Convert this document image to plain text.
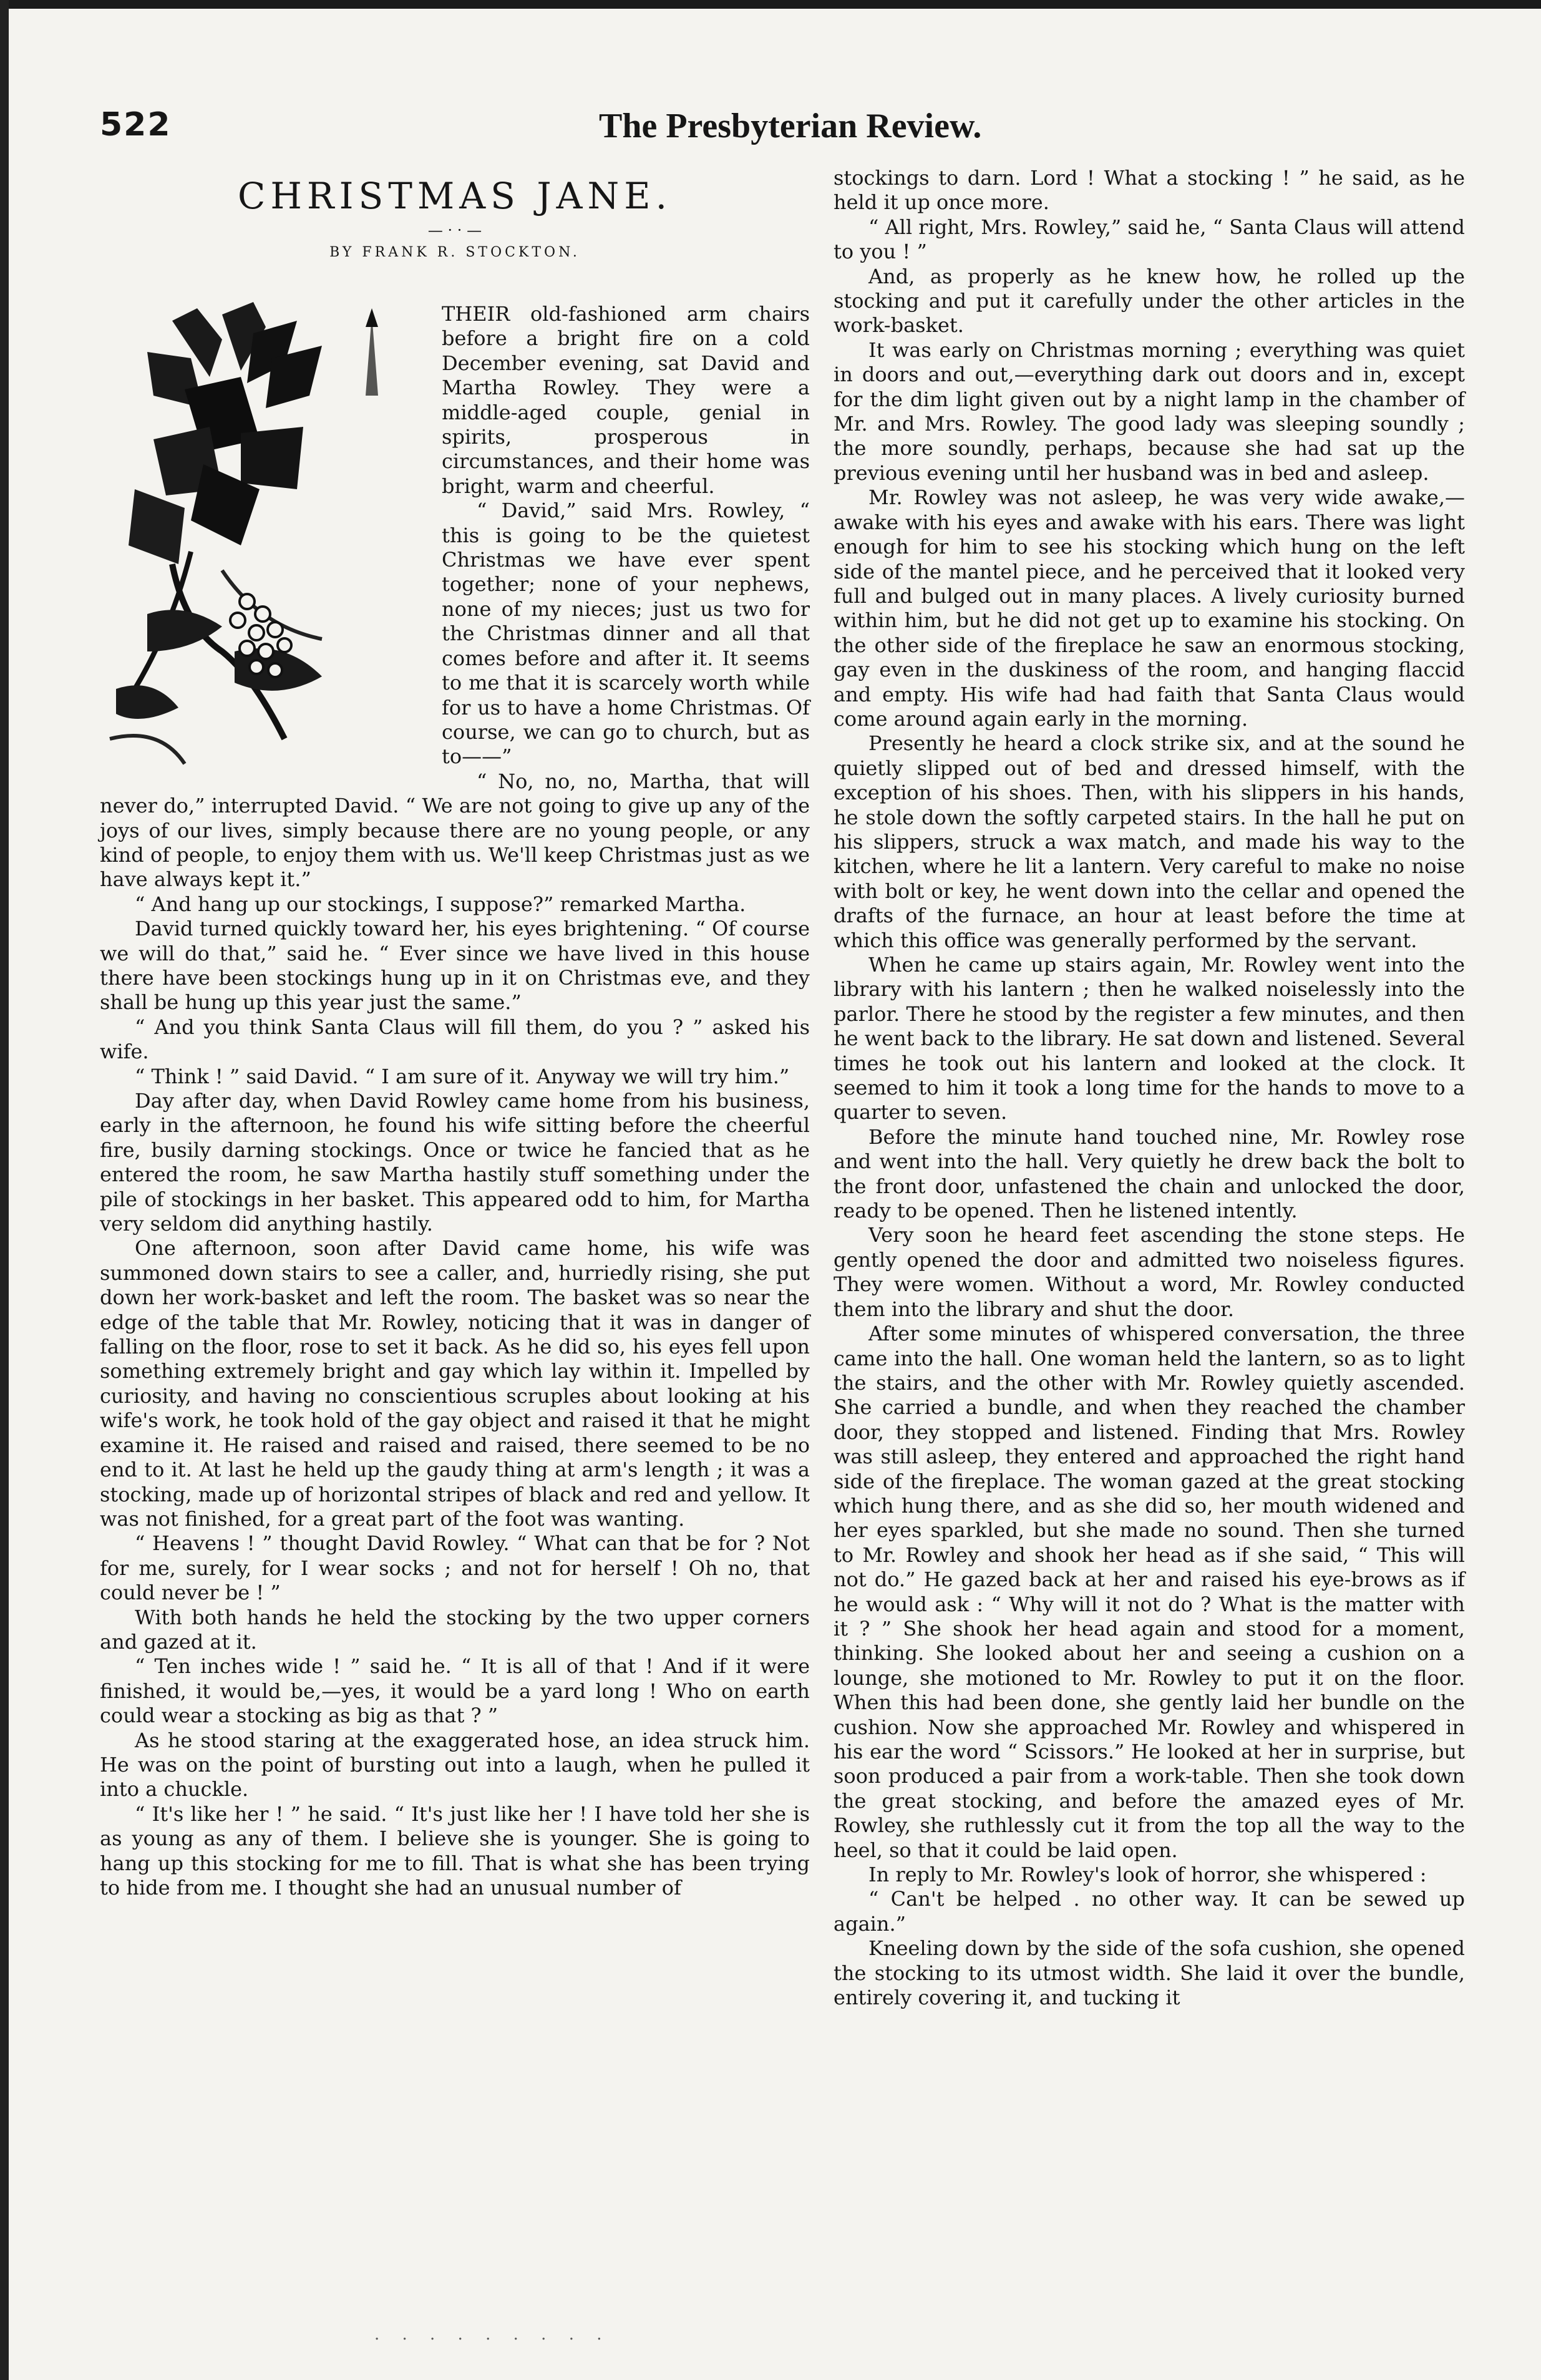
522	The Presbyterian Review.
CHRISTMAS JANE.
— · · —
BY FRANK R. STOCKTON.

THEIR old-fashioned arm chairs before a bright fire on a cold December evening, sat David and Martha Rowley. They were a middle-aged couple, genial in spirits, prosperous in circumstances, and their home was bright, warm and cheerful.

“ David,” said Mrs. Rowley, “ this is going to be the quietest Christmas we have ever spent together; none of your nephews, none of my nieces; just us two for the Christmas dinner and all that comes before and after it. It seems to me that it is scarcely worth while for us to have a home Christmas. Of course, we can go to church, but as to——”

“ No, no, no, Martha, that will never do,” interrupted David. “ We are not going to give up any of the joys of our lives, simply because there are no young people, or any kind of people, to enjoy them with us. We'll keep Christmas just as we have always kept it.”

“ And hang up our stockings, I suppose?” remarked Martha.

David turned quickly toward her, his eyes brightening. “ Of course we will do that,” said he. “ Ever since we have lived in this house there have been stockings hung up in it on Christmas eve, and they shall be hung up this year just the same.”

“ And you think Santa Claus will fill them, do you ? ” asked his wife.

“ Think ! ” said David. “ I am sure of it. Anyway we will try him.”

Day after day, when David Rowley came home from his business, early in the afternoon, he found his wife sitting before the cheerful fire, busily darning stockings. Once or twice he fancied that as he entered the room, he saw Martha hastily stuff something under the pile of stockings in her basket. This appeared odd to him, for Martha very seldom did anything hastily.

One afternoon, soon after David came home, his wife was summoned down stairs to see a caller, and, hurriedly rising, she put down her work-basket and left the room. The basket was so near the edge of the table that Mr. Rowley, noticing that it was in danger of falling on the floor, rose to set it back. As he did so, his eyes fell upon something extremely bright and gay which lay within it. Impelled by curiosity, and having no conscientious scruples about looking at his wife's work, he took hold of the gay object and raised it that he might examine it. He raised and raised and raised, there seemed to be no end to it. At last he held up the gaudy thing at arm's length ; it was a stocking, made up of horizontal stripes of black and red and yellow. It was not finished, for a great part of the foot was wanting.

“ Heavens ! ” thought David Rowley. “ What can that be for ? Not for me, surely, for I wear socks ; and not for herself ! Oh no, that could never be ! ”

With both hands he held the stocking by the two upper corners and gazed at it.

“ Ten inches wide ! ” said he. “ It is all of that ! And if it were finished, it would be,—yes, it would be a yard long ! Who on earth could wear a stocking as big as that ? ”

As he stood staring at the exaggerated hose, an idea struck him. He was on the point of bursting out into a laugh, when he pulled it into a chuckle.

“ It's like her ! ” he said. “ It's just like her ! I have told her she is as young as any of them. I believe she is younger. She is going to hang up this stocking for me to fill. That is what she has been trying to hide from me. I thought she had an unusual number of

stockings to darn. Lord ! What a stocking ! ” he said, as he held it up once more.

“ All right, Mrs. Rowley,” said he, “ Santa Claus will attend to you ! ”

And, as properly as he knew how, he rolled up the stocking and put it carefully under the other articles in the work-basket.

It was early on Christmas morning ; everything was quiet in doors and out,—everything dark out doors and in, except for the dim light given out by a night lamp in the chamber of Mr. and Mrs. Rowley. The good lady was sleeping soundly ; the more soundly, perhaps, because she had sat up the previous evening until her husband was in bed and asleep.

Mr. Rowley was not asleep, he was very wide awake,—awake with his eyes and awake with his ears. There was light enough for him to see his stocking which hung on the left side of the mantel piece, and he perceived that it looked very full and bulged out in many places. A lively curiosity burned within him, but he did not get up to examine his stocking. On the other side of the fireplace he saw an enormous stocking, gay even in the duskiness of the room, and hanging flaccid and empty. His wife had had faith that Santa Claus would come around again early in the morning.

Presently he heard a clock strike six, and at the sound he quietly slipped out of bed and dressed himself, with the exception of his shoes. Then, with his slippers in his hands, he stole down the softly carpeted stairs. In the hall he put on his slippers, struck a wax match, and made his way to the kitchen, where he lit a lantern. Very careful to make no noise with bolt or key, he went down into the cellar and opened the drafts of the furnace, an hour at least before the time at which this office was generally performed by the servant.

When he came up stairs again, Mr. Rowley went into the library with his lantern ; then he walked noiselessly into the parlor. There he stood by the register a few minutes, and then he went back to the library. He sat down and listened. Several times he took out his lantern and looked at the clock. It seemed to him it took a long time for the hands to move to a quarter to seven.

Before the minute hand touched nine, Mr. Rowley rose and went into the hall. Very quietly he drew back the bolt to the front door, unfastened the chain and unlocked the door, ready to be opened. Then he listened intently.

Very soon he heard feet ascending the stone steps. He gently opened the door and admitted two noiseless figures. They were women. Without a word, Mr. Rowley conducted them into the library and shut the door.

After some minutes of whispered conversation, the three came into the hall. One woman held the lantern, so as to light the stairs, and the other with Mr. Rowley quietly ascended. She carried a bundle, and when they reached the chamber door, they stopped and listened. Finding that Mrs. Rowley was still asleep, they entered and approached the right hand side of the fireplace. The woman gazed at the great stocking which hung there, and as she did so, her mouth widened and her eyes sparkled, but she made no sound. Then she turned to Mr. Rowley and shook her head as if she said, “ This will not do.” He gazed back at her and raised his eye-brows as if he would ask : “ Why will it not do ? What is the matter with it ? ” She shook her head again and stood for a moment, thinking. She looked about her and seeing a cushion on a lounge, she motioned to Mr. Rowley to put it on the floor. When this had been done, she gently laid her bundle on the cushion. Now she approached Mr. Rowley and whispered in his ear the word “ Scissors.” He looked at her in surprise, but soon produced a pair from a work-table. Then she took down the great stocking, and before the amazed eyes of Mr. Rowley, she ruthlessly cut it from the top all the way to the heel, so that it could be laid open.

In reply to Mr. Rowley's look of horror, she whispered :

“ Can't be helped . no other way. It can be sewed up again.”

Kneeling down by the side of the sofa cushion, she opened the stocking to its utmost width. She laid it over the bundle, entirely covering it, and tucking it

· · · · · · · · ·
